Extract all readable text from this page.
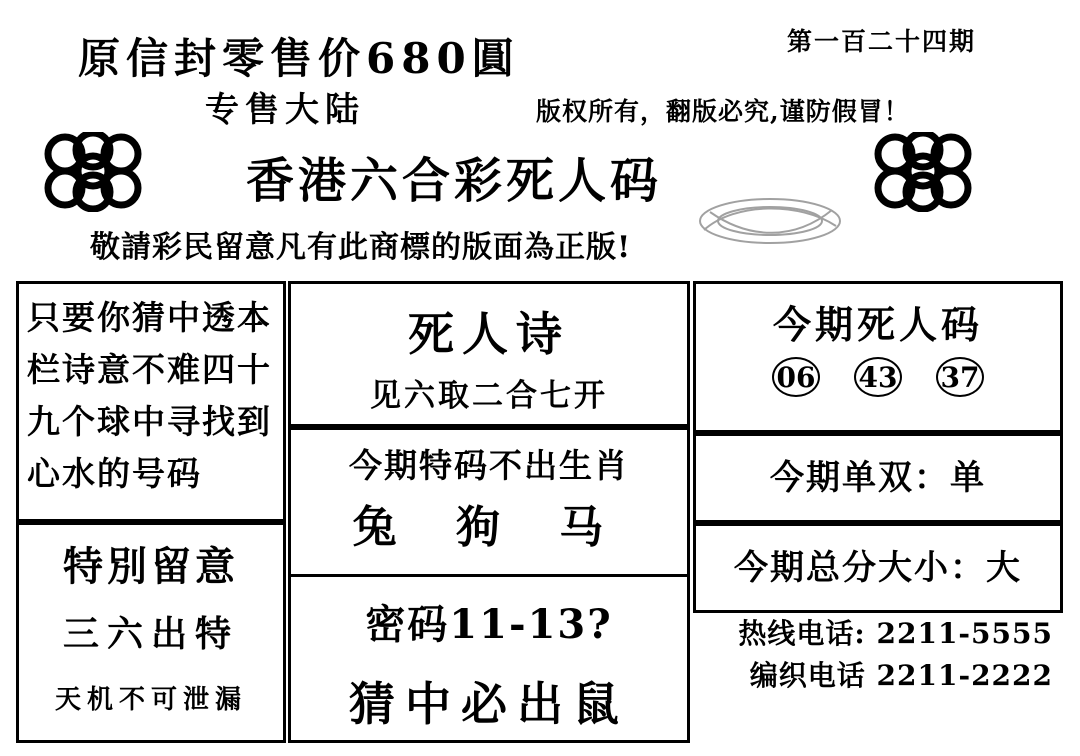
第一百二十四期
原信封零售价680圓
专售大陆	版权所有，翻版必究,谨防假冒！
香港六合彩死人码
敬請彩民留意凡有此商標的版面為正版!
只要你猜中透本栏诗意不难四十九个球中寻找到心水的号码
特別留意
三六出特
天机不可泄漏
死人诗
见六取二合七开
今期特码不出生肖
兔 狗 马
密码11-13?
猜中必出鼠
今期死人码
06 43 37
今期单双：单
今期总分大小：大
热线电话: 2211-5555
编织电话 2211-2222
